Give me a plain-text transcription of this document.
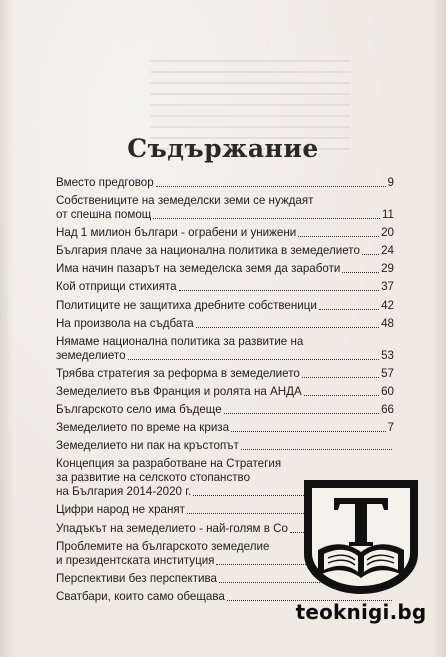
Съдържание
Вместо предговор	9
Собствениците на земеделски земи се нуждаят
от спешна помощ	11
Над 1 милион българи - ограбени и унижени	20
България плаче за национална политика в земеделието 24
Има начин пазарът на земеделска земя да заработи	29
Кой отприщи стихията	37
Политиците не защитиха дребните собственици	42
На произвола на съдбата	48
Нямаме национална политика за развитие на
земеделието	53
Трябва стратегия за реформа в земеделието	57
Земеделието във Франция и ролята на АНДА	60
Българското село има бъдеще	66
Земеделието по време на криза	7
Земеделието ни пак на кръстопът
Концепция за разработване на Стратегия
за развитие на селското стопанство
на България 2014-2020 г.
Цифри народ не хранят
Упадъкът на земеделието - най-голям в Со
Проблемите на българското земеделие
и президентската институция
Перспективи без перспектива
Сватбари, които само обещава
teoknigi.bg
